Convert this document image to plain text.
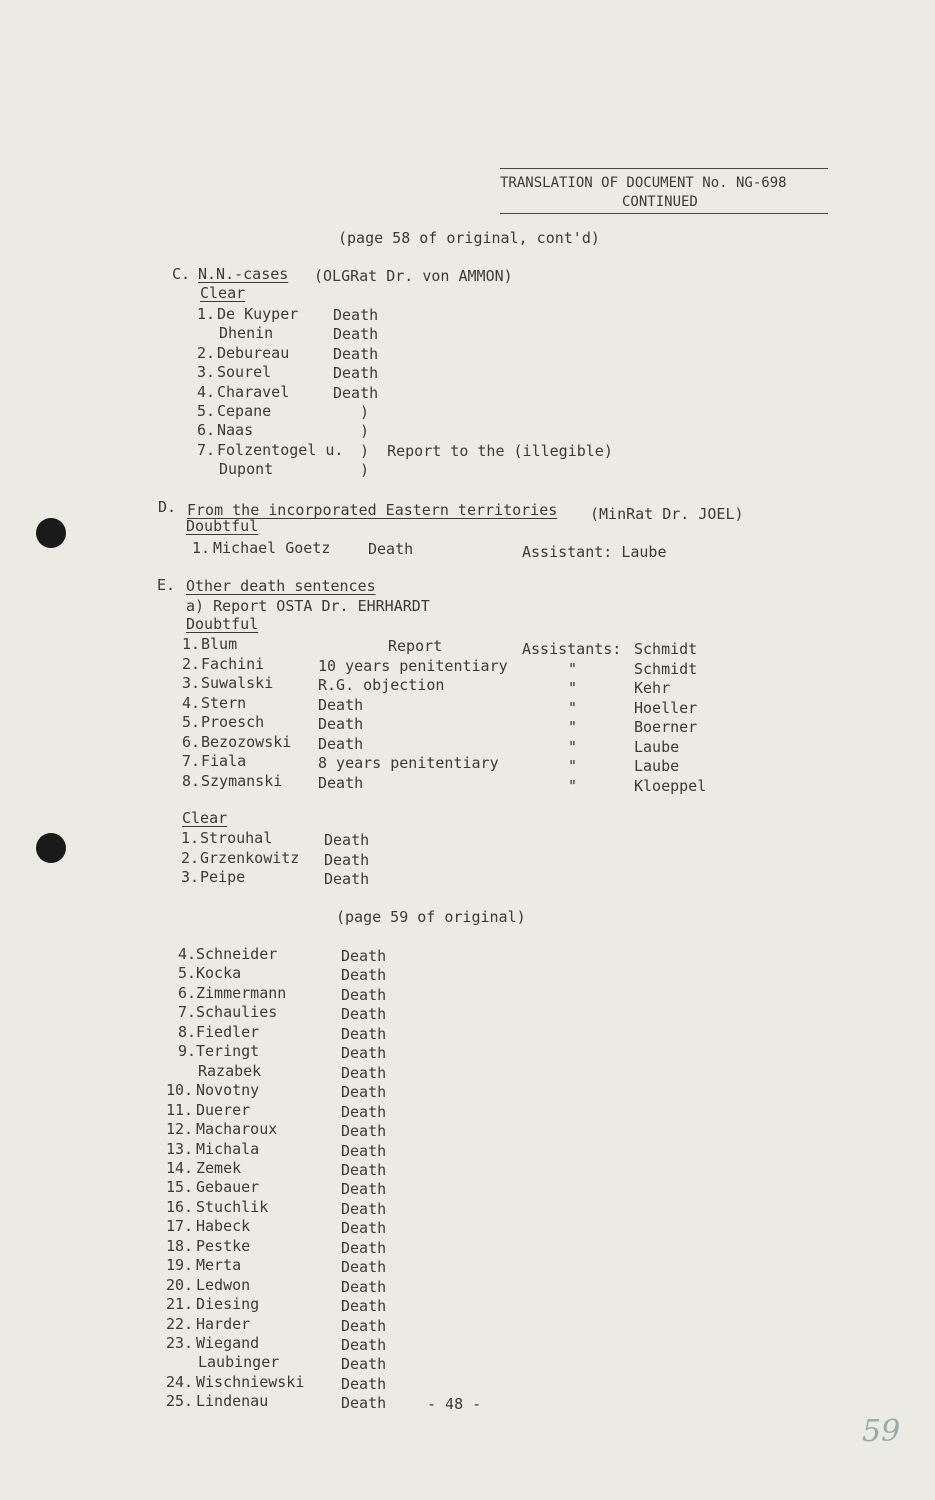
TRANSLATION OF DOCUMENT No. NG-698
CONTINUED
(page 58 of original, cont'd)
C. N.N.-cases (OLGRat Dr. von AMMON)
Clear
1. De Kuyper Death
Dhenin	Death
2. Debureau	Death
3. Sourel	Death
4. Charavel	Death
5. Cepane	)
6. Naas	)
7. Folzentogel u. )  Report to the (illegible)
Dupont	)
D. From the incorporated Eastern territories (MinRat Dr. JOEL)
Doubtful
1. Michael Goetz	Death	Assistant: Laube
E. Other death sentences
a) Report OSTA Dr. EHRHARDT
Doubtful
1. Blum	Report	Assistants: Schmidt
2. Fachini	10 years penitentiary	"	Schmidt
3. Suwalski	R.G. objection	"	Kehr
4. Stern	Death	"	Hoeller
5. Proesch	Death	"	Boerner
6. Bezozowski Death	"	Laube
7. Fiala	8 years penitentiary	"	Laube
8. Szymanski Death	"	Kloeppel
Clear
1. Strouhal	Death
2. Grzenkowitz Death
3. Peipe	Death
(page 59 of original)
4. Schneider	Death
5. Kocka	Death
6. Zimmermann	Death
7. Schaulies	Death
8. Fiedler	Death
9. Teringt	Death
Razabek	Death
10. Novotny	Death
11. Duerer	Death
12. Macharoux	Death
13. Michala	Death
14. Zemek	Death
15. Gebauer	Death
16. Stuchlik	Death
17. Habeck	Death
18. Pestke	Death
19. Merta	Death
20. Ledwon	Death
21. Diesing	Death
22. Harder	Death
23. Wiegand	Death
Laubinger	Death
24. Wischniewski Death
25. Lindenau	Death	- 48 -
59
